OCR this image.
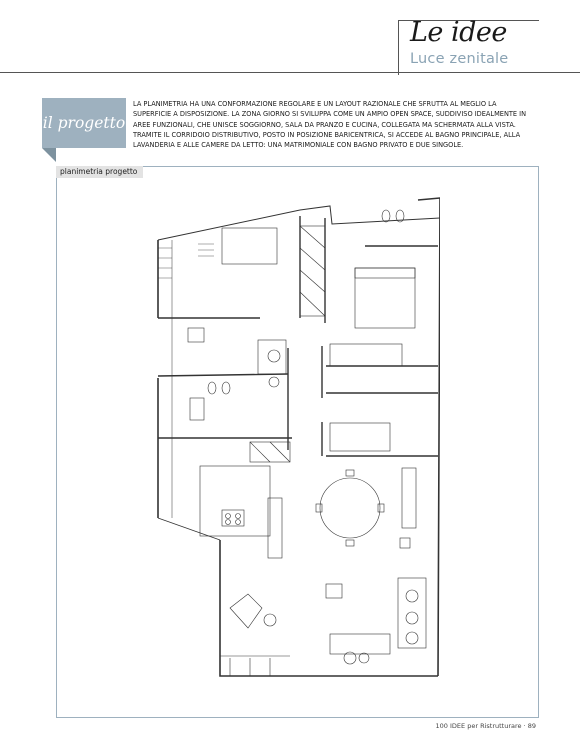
Le idee
Luce zenitale
il progetto

LA PLANIMETRIA HA UNA CONFORMAZIONE REGOLARE E UN LAYOUT RAZIONALE CHE SFRUTTA AL MEGLIO LA SUPERFICIE A DISPOSIZIONE. LA ZONA GIORNO SI SVILUPPA COME UN AMPIO OPEN SPACE, SUDDIVISO IDEALMENTE IN AREE FUNZIONALI, CHE UNISCE SOGGIORNO, SALA DA PRANZO E CUCINA, COLLEGATA MA SCHERMATA ALLA VISTA. TRAMITE IL CORRIDOIO DISTRIBUTIVO, POSTO IN POSIZIONE BARICENTRICA, SI ACCEDE AL BAGNO PRINCIPALE, ALLA LAVANDERIA E ALLE CAMERE DA LETTO: UNA MATRIMONIALE CON BAGNO PRIVATO E DUE SINGOLE.

planimetria progetto
100 IDEE per Ristrutturare · 89
